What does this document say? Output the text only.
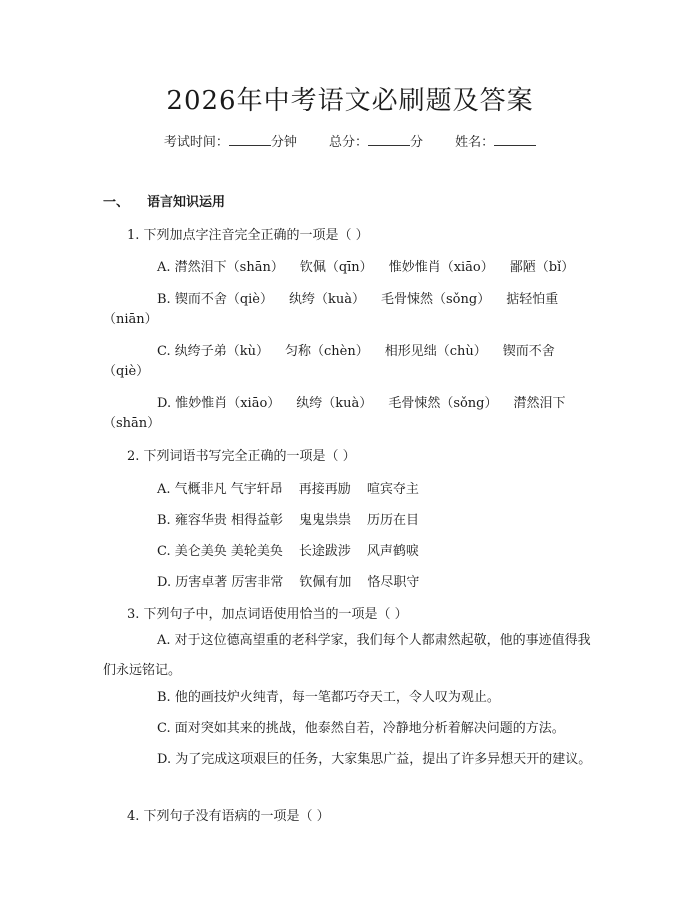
2026年中考语文必刷题及答案
考试时间：	分钟 总分：	分 姓名：
一、 语言知识运用
1. 下列加点字注音完全正确的一项是（ ）
A. 潸然泪下（shān） 钦佩（qīn） 惟妙惟肖（xiāo） 鄙陋（bǐ）
B. 锲而不舍（qiè） 纨绔（kuà） 毛骨悚然（sǒng） 掂轻怕重
（niān）
C. 纨绔子弟（kù） 匀称（chèn） 相形见绌（chù） 锲而不舍
（qiè）
D. 惟妙惟肖（xiāo） 纨绔（kuà） 毛骨悚然（sǒng） 潸然泪下
（shān）
2. 下列词语书写完全正确的一项是（ ）
A. 气概非凡 气宇轩昂 再接再励 喧宾夺主
B. 雍容华贵 相得益彰 鬼鬼祟祟 历历在目
C. 美仑美奂 美轮美奂 长途跋涉 风声鹤唳
D. 历害卓著 厉害非常 钦佩有加 恪尽职守
3. 下列句子中，加点词语使用恰当的一项是（ ）

A. 对于这位德高望重的老科学家，我们每个人都肃然起敬，他的事迹值得我们永远铭记。

B. 他的画技炉火纯青，每一笔都巧夺天工，令人叹为观止。

C. 面对突如其来的挑战，他泰然自若，冷静地分析着解决问题的方法。

D. 为了完成这项艰巨的任务，大家集思广益，提出了许多异想天开的建议。

4. 下列句子没有语病的一项是（ ）
